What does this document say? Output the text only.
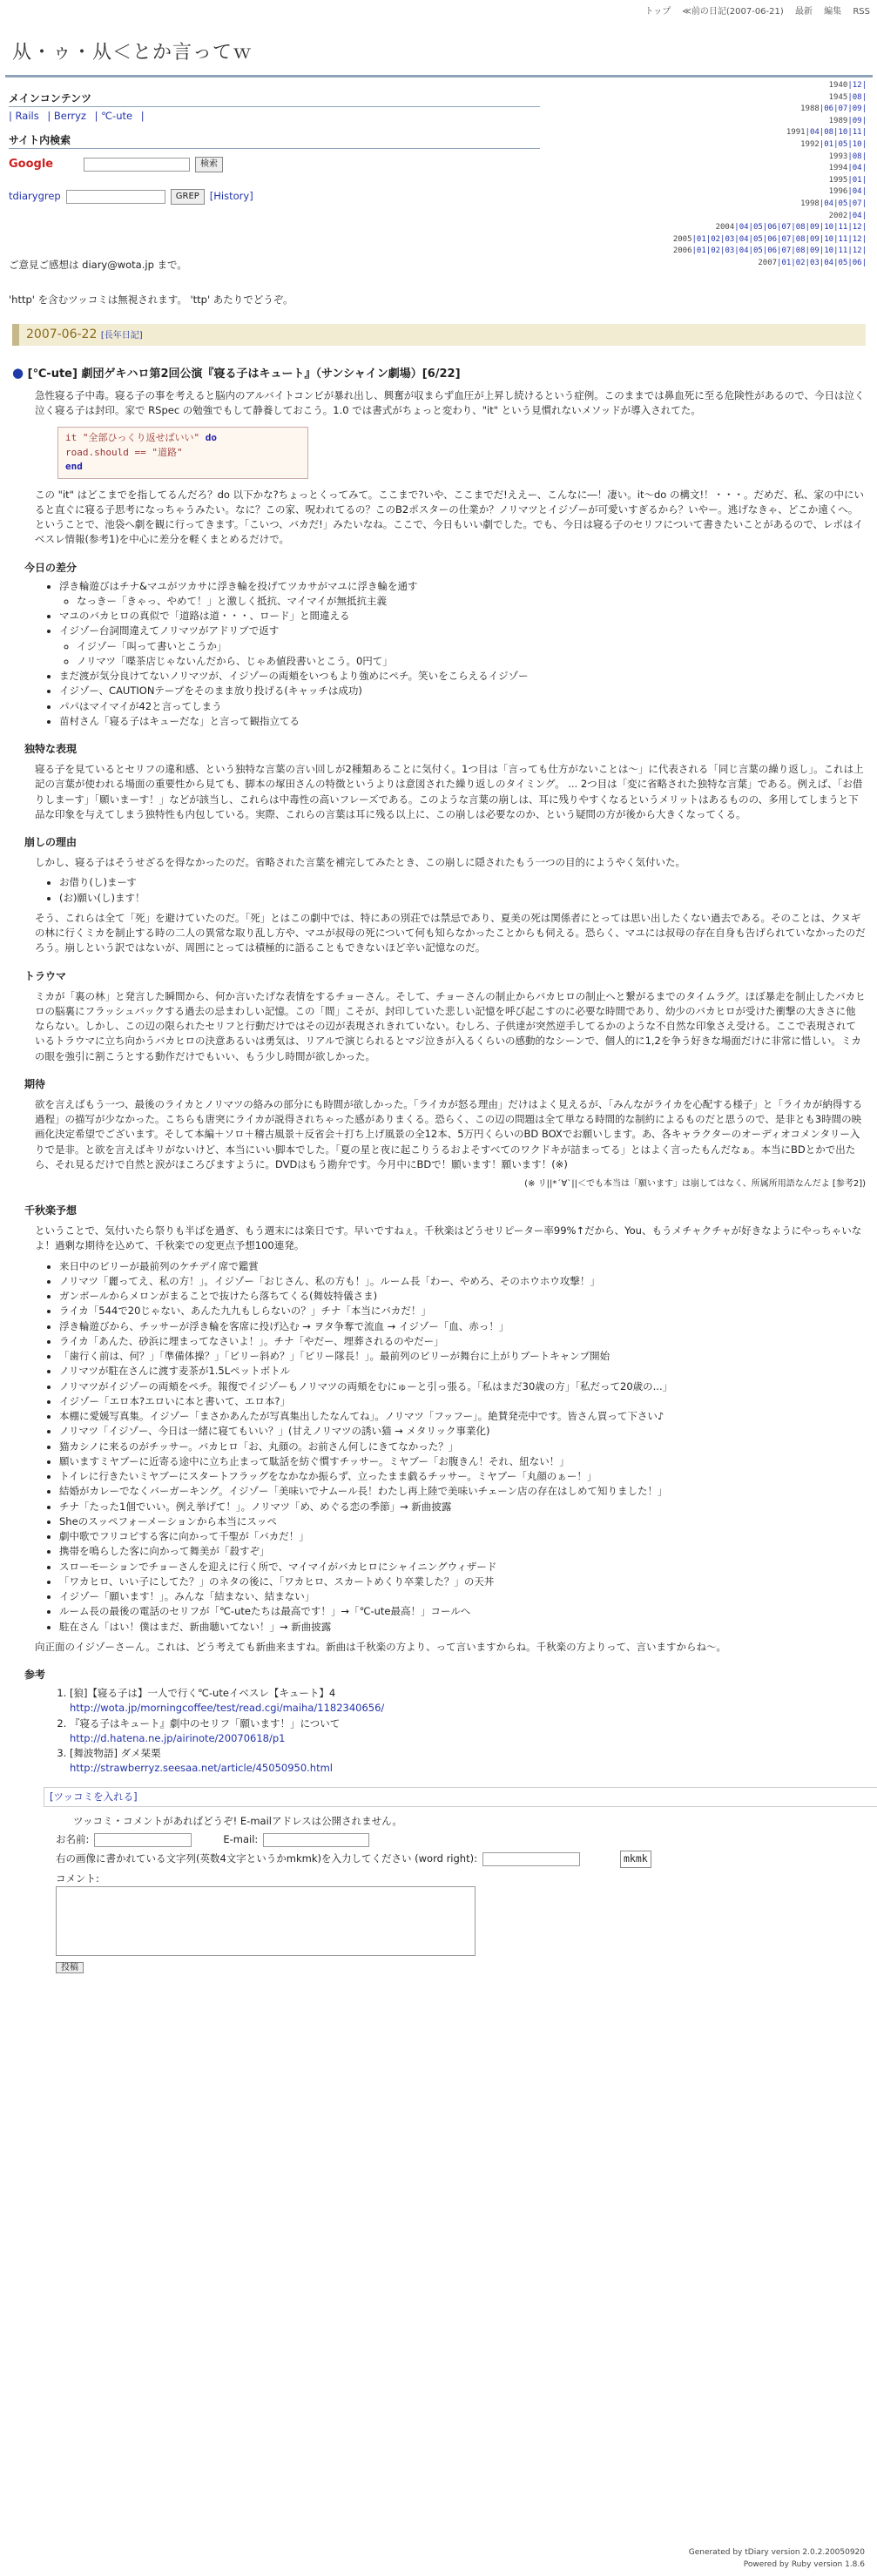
トップ ≪前の日記(2007-06-21) 最新 編集 RSS
从・ゥ・从＜とか言ってｗ
メインコンテンツ
| Rails | Berryz | ℃-ute |
サイト内検索
Google	検索
tdiarygrep	GREP	[History]
1940|12|
1945|08|
1988|06|07|09|
1989|09|
1991|04|08|10|11|
1992|01|05|10|
1993|08|
1994|04|
1995|01|
1996|04|
1998|04|05|07|
2002|04|
2004|04|05|06|07|08|09|10|11|12|
2005|01|02|03|04|05|06|07|08|09|10|11|12|
2006|01|02|03|04|05|06|07|08|09|10|11|12|
2007|01|02|03|04|05|06|
ご意見ご感想は diary@wota.jp まで。
'http' を含むツッコミは無視されます。 'ttp' あたりでどうぞ。
2007-06-22 [長年日記]
● [℃-ute] 劇団ゲキハロ第2回公演『寝る子はキュート』（サンシャイン劇場）[6/22]

急性寝る子中毒。寝る子の事を考えると脳内のアルバイトコンビが暴れ出し、興奮が収まらず血圧が上昇し続けるという症例。このままでは鼻血死に至る危険性があるので、今日は泣く泣く寝る子は封印。家で RSpec の勉強でもして静養しておこう。1.0 では書式がちょっと変わり、"it" という見慣れないメソッドが導入されてた。

it "全部ひっくり返せばいい" do
road.should == "道路"
end

この "it" はどこまでを指してるんだろ？do 以下かな?ちょっとくってみて。ここまで?いや、ここまでだ!ええー、こんなに―！凄い。it〜do の構文!！・・・。だめだ、私、家の中にいると直ぐに寝る子思考になっちゃうみたい。なに？この家、呪われてるの？このB2ポスターの仕業か？ノリマツとイジゾーが可愛いすぎるから？いやー。逃げなきゃ、どこか遠くへ。ということで、池袋へ劇を観に行ってきます。「こいつ、バカだ!」みたいなね。ここで、今日もいい劇でした。でも、今日は寝る子のセリフについて書きたいことがあるので、レポはイベスレ情報(参考1)を中心に差分を軽くまとめるだけで。

今日の差分
• 浮き輪遊びはチナ&マユがツカサに浮き輪を投げてツカサがマユに浮き輪を通す
◦ なっきー「きゃっ、やめて！」と激しく抵抗、マイマイが無抵抗主義
• マユのバカヒロの真似で「道路は道・・・、ロード」と間違える
• イジゾー台詞間違えてノリマツがアドリブで返す
◦ イジゾー「叫って書いとこうか」
◦ ノリマツ「喋茶店じゃないんだから、じゃあ値段書いとこう。0円て」
• まだ渡が気分良けてないノリマツが、イジゾーの両頬をいつもより強めにペチ。笑いをこらえるイジゾー
• イジゾー、CAUTIONテープをそのまま放り投げる(キャッチは成功)
• パパはマイマイが42と言ってしまう
• 苗村さん「寝る子はキューだな」と言って観指立てる
独特な表現

寝る子を見ているとセリフの違和感、という独特な言葉の言い回しが2種類あることに気付く。1つ目は「言っても仕方がないことは〜」に代表される「同じ言葉の繰り返し」。これは上記の言葉が使われる場面の重要性から見ても、脚本の塚田さんの特徴というよりは意図された繰り返しのタイミング。 ... 2つ目は「変に省略された独特な言葉」である。例えば、「お借りしまーす」「願いまーす！」などが該当し、これらは中毒性の高いフレーズである。このような言葉の崩しは、耳に残りやすくなるというメリットはあるものの、多用してしまうと下品な印象を与えてしまう独特性も内包している。実際、これらの言葉は耳に残る以上に、この崩しは必要なのか、という疑問の方が後から大きくなってくる。

崩しの理由

しかし、寝る子はそうせざるを得なかったのだ。省略された言葉を補完してみたとき、この崩しに隠されたもう一つの目的にようやく気付いた。

• お借り(し)まーす
• (お)願い(し)ます！

そう、これらは全て「死」を避けていたのだ。「死」とはこの劇中では、特にあの別荘では禁忌であり、夏美の死は関係者にとっては思い出したくない過去である。そのことは、クヌギの林に行くミカを制止する時の二人の異常な取り乱し方や、マユが叔母の死について何も知らなかったことからも伺える。恐らく、マユには叔母の存在自身も告げられていなかったのだろう。崩しという訳ではないが、周囲にとっては積極的に語ることもできないほど辛い記憶なのだ。

トラウマ

ミカが「裏の林」と発言した瞬間から、何か言いたげな表情をするチョーさん。そして、チョーさんの制止からバカヒロの制止へと繋がるまでのタイムラグ。ほぼ暴走を制止したバカヒロの脳裏にフラッシュバックする過去の忌まわしい記憶。この「間」こそが、封印していた悲しい記憶を呼び起こすのに必要な時間であり、幼少のバカヒロが受けた衝撃の大きさに他ならない。しかし、この辺の限られたセリフと行動だけではその辺が表現されきれていない。むしろ、子供達が突然逆手してるかのような不自然な印象さえ受ける。ここで表現されているトラウマに立ち向かうバカヒロの決意あるいは勇気は、リアルで演じられるとマジ泣きが入るくらいの感動的なシーンで、個人的に1,2を争う好きな場面だけに非常に惜しい。ミカの眼を強引に割こうとする動作だけでもいい、もう少し時間が欲しかった。

期待

欲を言えばもう一つ、最後のライカとノリマツの絡みの部分にも時間が欲しかった。「ライカが怒る理由」だけはよく見えるが、「みんながライカを心配する様子」と「ライカが納得する過程」の描写が少なかった。こちらも唐突にライカが説得されちゃった感がありまくる。恐らく、この辺の問題は全て単なる時間的な制約によるものだと思うので、是非とも3時間の映画化決定希望でございます。そして本編＋ソロ＋稽古風景＋反省会＋打ち上げ風景の全12本、5万円くらいのBD BOXでお願いします。あ、各キャラクターのオーディオコメンタリー入りで是非。と欲を言えばキリがないけど、本当にいい脚本でした。「夏の星と夜に起こりうるおよそすべてのワクドキが詰まってる」とはよく言ったもんだなぁ。本当にBDとかで出たら、それ見るだけで自然と涙がほころびますように。DVDはもう勘弁です。今月中にBDで！願います！願います！(※)

(※ リ||*´∀`||＜でも本当は「願います」は崩してはなく、所属所用語なんだよ [参考2])

千秋楽予想

ということで、気付いたら祭りも半ばを過ぎ、もう週末には楽日です。早いですねぇ。千秋楽はどうせリピーター率99%↑だから、You、もうメチャクチャが好きなようにやっちゃいなよ！過剰な期待を込めて、千秋楽での変更点予想100連発。

• 来日中のビリーが最前列のケチデイ席で鑑賞
• ノリマツ「麗ってえ、私の方！」。イジゾー「おじさん、私の方も！」。ルーム長「わー、やめろ、そのホウホウ攻撃！」
• ガンボールからメロンがまることで抜けたら落ちてくる(舞妓特儀さま)
• ライカ「544で20じゃない、あんた九九もしらないの？」チナ「本当にバカだ！」
• 浮き輪遊びから、チッサーが浮き輪を客席に投げ込む → ヲタ争奪で流血 → イジゾー「血、赤っ！」
• ライカ「あんた、砂浜に埋まってなさいよ！」。チナ「やだー、埋葬されるのやだー」
• 「歯行く前は、何？」「準備体操？」「ビリー斜め？」「ビリー隊長！」。最前列のビリーが舞台に上がりブートキャンプ開始
• ノリマツが駐在さんに渡す麦茶が1.5Lペットボトル
• ノリマツがイジゾーの両頬をペチ。報復でイジゾーもノリマツの両頬をむにゅーと引っ張る。「私はまだ30歳の方」「私だって20歳の...」
• イジゾー「エロ本?エロいに本と書いて、エロ本?」
• 本棚に愛媛写真集。イジゾー「まさかあんたが写真集出したなんてね」。ノリマツ「フッフー」。絶賛発売中です。皆さん買って下さい♪
• ノリマツ「イジゾー、今日は一緒に寝てもいい？」(甘えノリマツの誘い猫 → メタリック事業化)
• 猫カシノに来るのがチッサー。バカヒロ「お、丸顔の。お前さん何しにきてなかった？」
• 願いますミヤブーに近寄る途中に立ち止まって駄話を紡ぐ慣すチッサー。ミヤブー「お腹きん！それ、紐ない！」
• トイレに行きたいミヤブーにスタートフラッグをなかなか振らず、立ったまま戯るチッサー。ミヤブー「丸顔のぁー！」
• 結婚がカレーでなくバーガーキング。イジゾー「美味いでナムール長！わたし再上陸で美味いチェーン店の存在はしめて知りました！」
• チナ「たった1個でいい。例え挙げて！」。ノリマツ「め、めぐる恋の季節」→ 新曲披露
• Sheのスッペフォーメーションから本当にスッペ
• 劇中歌でフリコピする客に向かって千聖が「バカだ！」
• 携帯を鳴らした客に向かって舞美が「殺すぞ」
• スローモーションでチョーさんを迎えに行く所で、マイマイがバカヒロにシャイニングウィザード
• 「ワカヒロ、いい子にしてた？」のネタの後に、「ワカヒロ、スカートめくり卒業した？」の天丼
• イジゾー「願います！」。みんな「結まない、結まない」
• ルーム長の最後の電話のセリフが「℃-uteたちは最高です！」→「℃-ute最高！」コールへ
• 駐在さん「はい！僕はまだ、新曲聴いてない！」→ 新曲披露

向正面のイジゾーさーん。これは、どう考えても新曲来ますね。新曲は千秋楽の方より、って言いますからね。千秋楽の方よりって、言いますからね〜。

参考
1. [狼]【寝る子は】一人で行く℃-uteイベスレ【キュート】4
http://wota.jp/morningcoffee/test/read.cgi/maiha/1182340656/
2. 『寝る子はキュート』劇中のセリフ「願います！」について
http://d.hatena.ne.jp/airinote/20070618/p1
3. [舞波物語] ダメ栞栗
http://strawberryz.seesaa.net/article/45050950.html
[ツッコミを入れる]
ツッコミ・コメントがあればどうぞ! E-mailアドレスは公開されません。
お名前:	E-mail:
右の画像に書かれている文字列(英数4文字というかmkmk)を入力してください (word right):	mkmk
コメント:
投稿
Generated by tDiary version 2.0.2.20050920
Powered by Ruby version 1.8.6
